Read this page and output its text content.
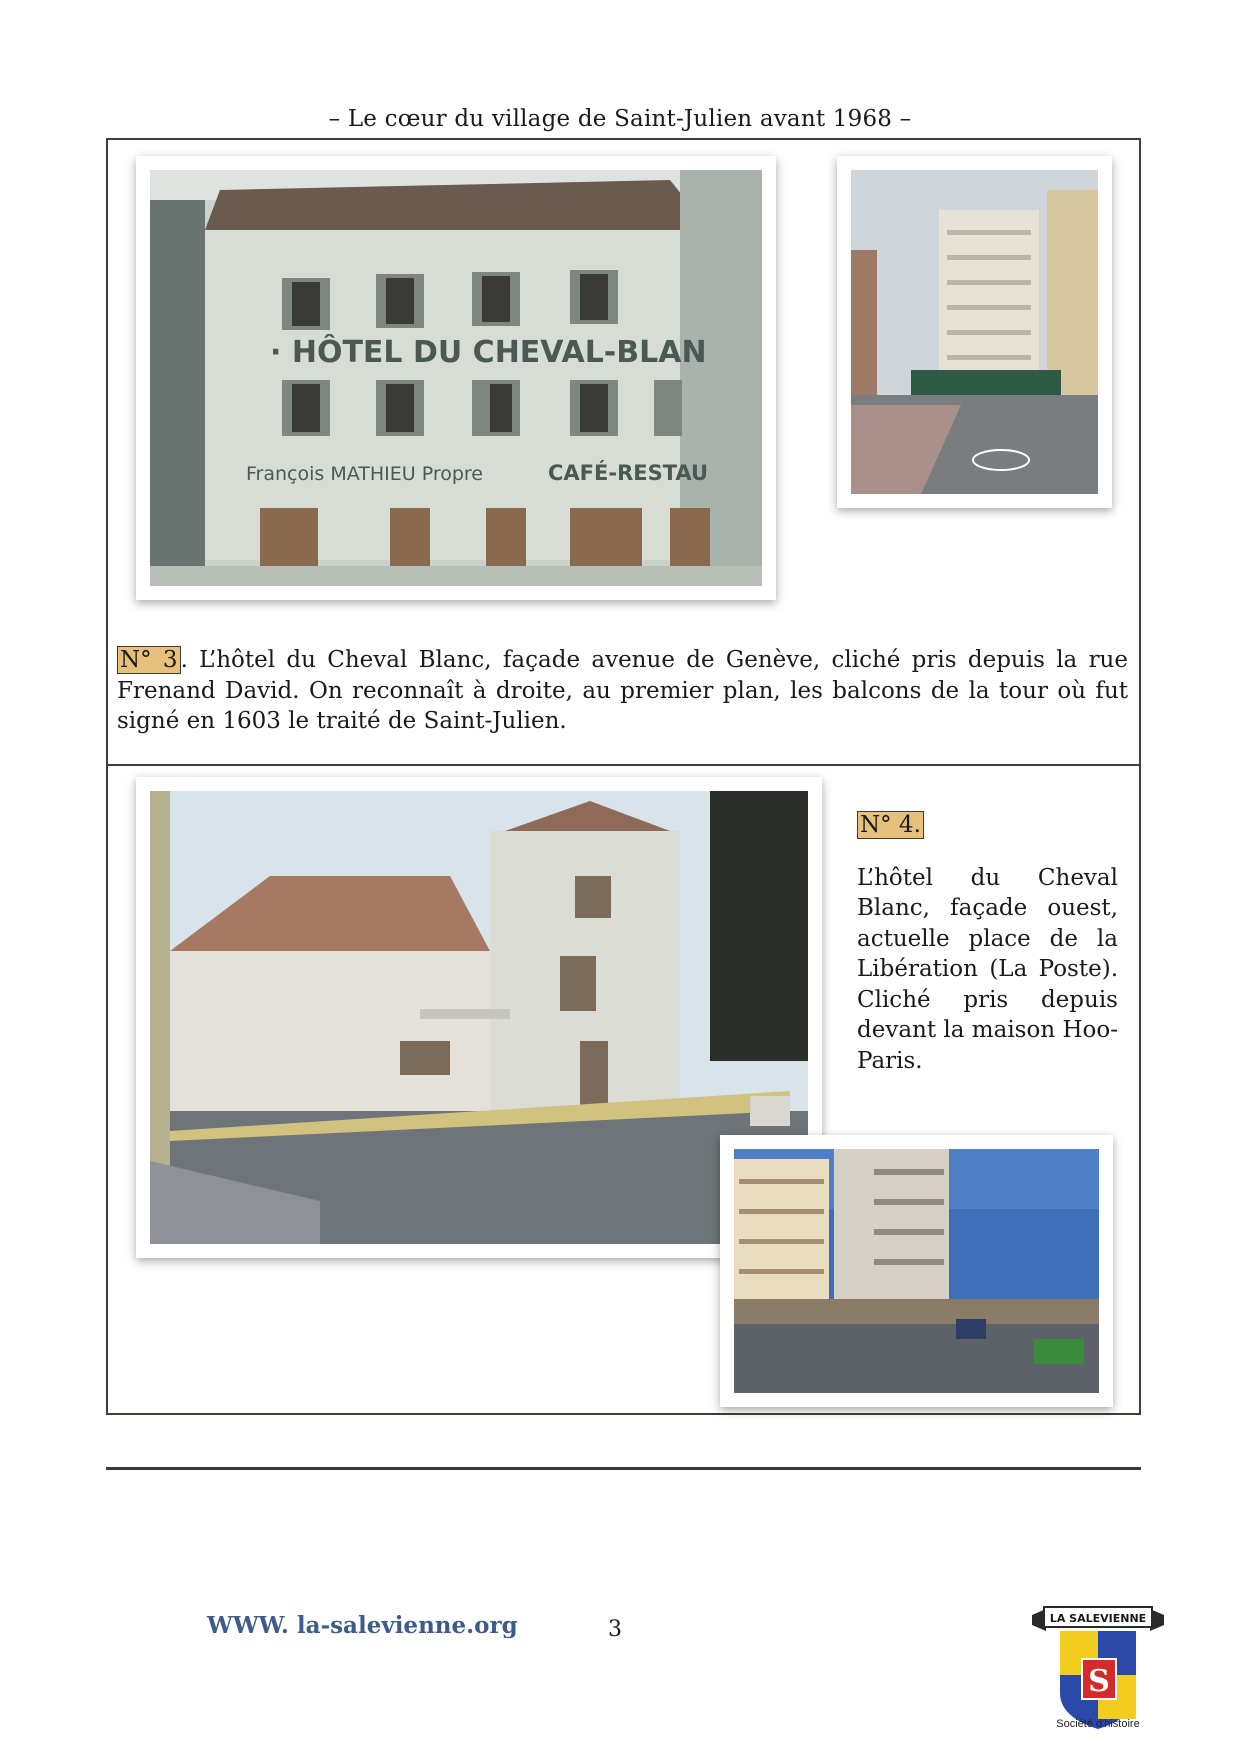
– Le cœur du village de Saint-Julien avant 1968 –
· HÔTEL DU CHEVAL-BLAN
François MATHIEU Propre	CAFÉ-RESTAU
N° 3 . L’hôtel du Cheval Blanc, façade avenue de Genève, cliché pris depuis la rue Frenand David. On reconnaît à droite, au premier plan, les balcons de la tour où fut signé en 1603 le traité de Saint-Julien.
N° 4.
L’hôtel du Cheval Blanc, façade ouest, actuelle place de la Libération (La Poste). Cliché pris depuis devant la maison Hoo-Paris.
WWW. la-salevienne.org	3	LA SALEVIENNE
S
Société d'histoire
